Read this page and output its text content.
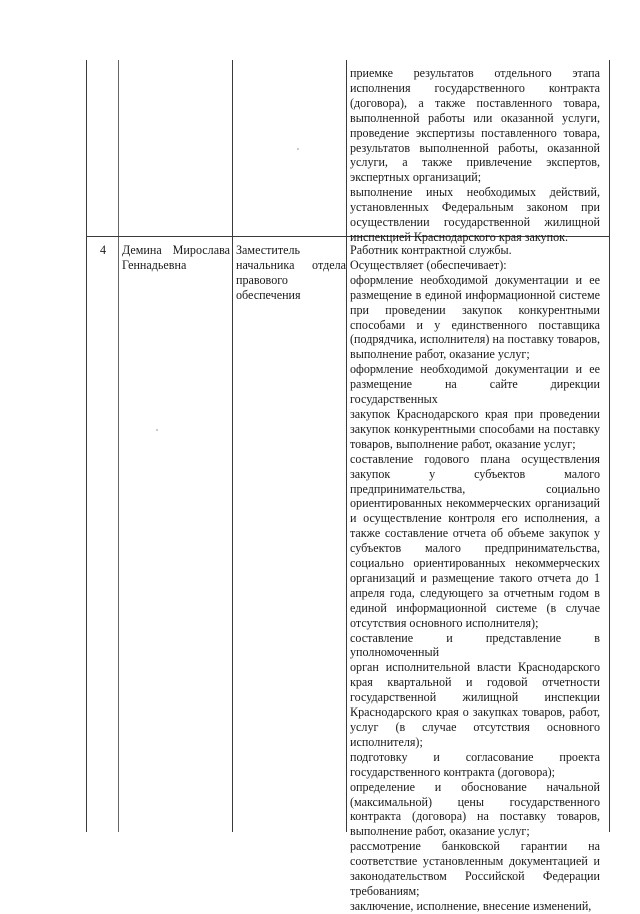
приемке результатов отдельного этапа

исполнения государственного контракта

(договора), а также поставленного товара,

выполненной работы или оказанной услуги,

проведение экспертизы поставленного товара,

результатов выполненной работы, оказанной

услуги, а также привлечение экспертов,

экспертных организаций;

выполнение иных необходимых действий,

установленных Федеральным законом при

осуществлении государственной жилищной

инспекцией Краснодарского края закупок.

4	Демина Мирослава

Геннадьевна

Заместитель

начальника отдела

правового

обеспечения

Работник контрактной службы.

Осуществляет (обеспечивает):

оформление необходимой документации и ее

размещение в единой информационной системе

при проведении закупок конкурентными

способами и у единственного поставщика

(подрядчика, исполнителя) на поставку товаров,

выполнение работ, оказание услуг;

оформление необходимой документации и ее

размещение на сайте дирекции государственных

закупок Краснодарского края при проведении

закупок конкурентными способами на поставку

товаров, выполнение работ, оказание услуг;

составление годового плана осуществления

закупок у субъектов малого

предпринимательства, социально

ориентированных некоммерческих организаций

и осуществление контроля его исполнения, а

также составление отчета об объеме закупок у

субъектов малого предпринимательства,

социально ориентированных некоммерческих

организаций и размещение такого отчета до 1

апреля года, следующего за отчетным годом в

единой информационной системе (в случае

отсутствия основного исполнителя);

составление и представление в уполномоченный

орган исполнительной власти Краснодарского

края квартальной и годовой отчетности

государственной жилищной инспекции

Краснодарского края о закупках товаров, работ,

услуг (в случае отсутствия основного

исполнителя);

подготовку и согласование проекта

государственного контракта (договора);

определение и обоснование начальной

(максимальной) цены государственного

контракта (договора) на поставку товаров,

выполнение работ, оказание услуг;

рассмотрение банковской гарантии на

соответствие установленным документацией и

законодательством Российской Федерации

требованиям;

заключение, исполнение, внесение изменений,
